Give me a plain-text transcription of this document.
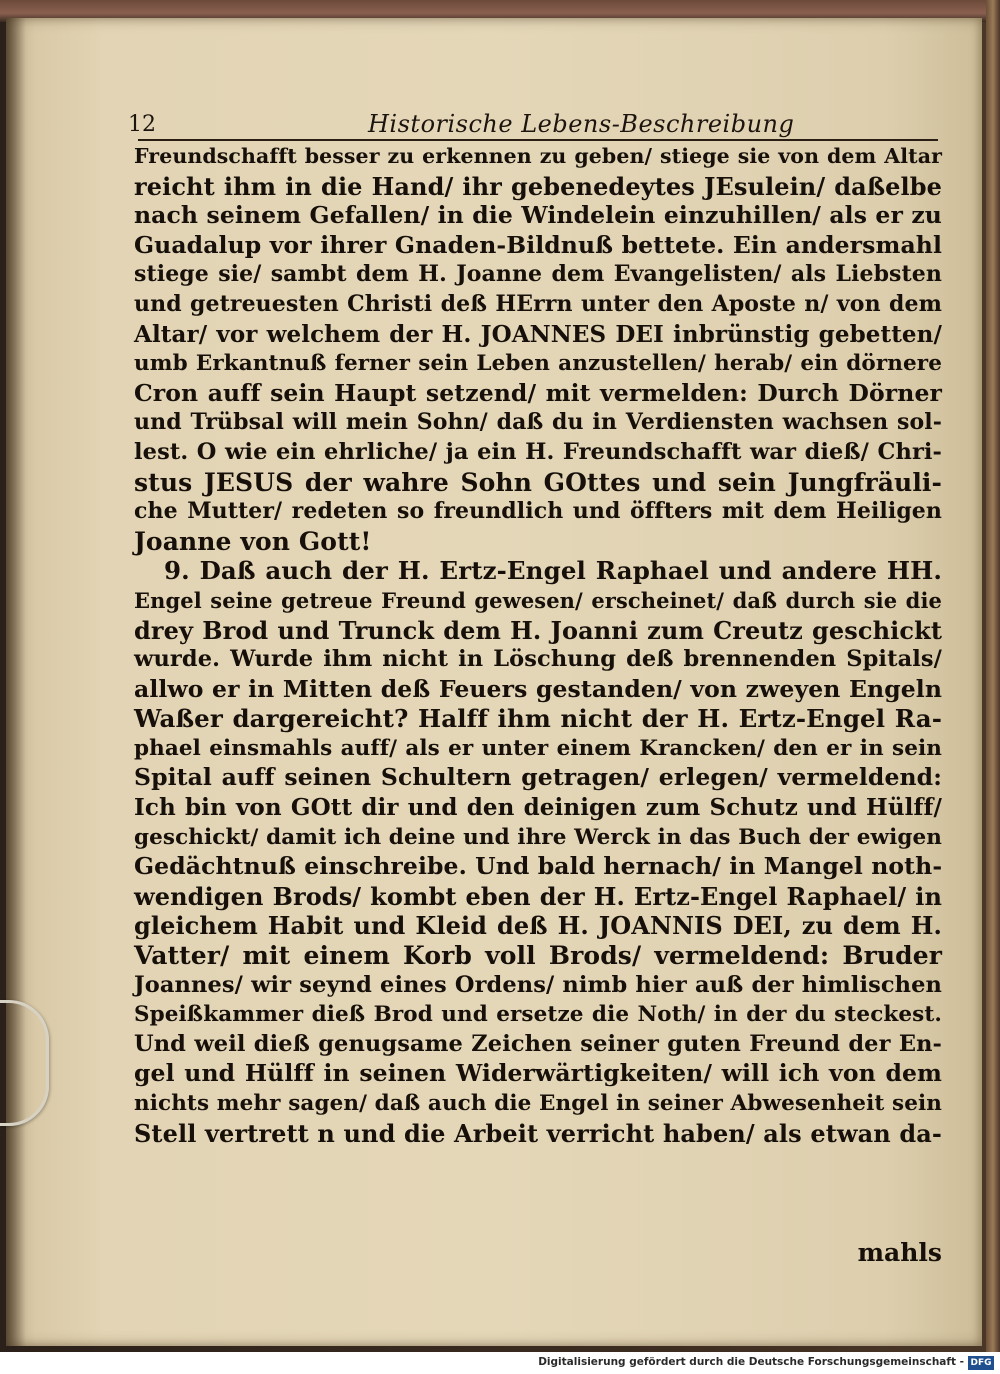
12	Historische Lebens-Beschreibung
Freundschafft besser zu erkennen zu geben/ stiege sie von dem Altar
reicht ihm in die Hand/ ihr gebenedeytes JEsulein/ daßelbe
nach seinem Gefallen/ in die Windelein einzuhillen/ als er zu
Guadalup vor ihrer Gnaden-Bildnuß bettete. Ein andersmahl
stiege sie/ sambt dem H. Joanne dem Evangelisten/ als Liebsten
und getreuesten Christi deß HErrn unter den Aposte n/ von dem
Altar/ vor welchem der H. JOANNES DEI inbrünstig gebetten/
umb Erkantnuß ferner sein Leben anzustellen/ herab/ ein dörnere
Cron auff sein Haupt setzend/ mit vermelden: Durch Dörner
und Trübsal will mein Sohn/ daß du in Verdiensten wachsen sol-
lest. O wie ein ehrliche/ ja ein H. Freundschafft war dieß/ Chri-
stus JESUS der wahre Sohn GOttes und sein Jungfräuli-
che Mutter/ redeten so freundlich und öffters mit dem Heiligen
Joanne von Gott!
9. Daß auch der H. Ertz-Engel Raphael und andere HH.
Engel seine getreue Freund gewesen/ erscheinet/ daß durch sie die
drey Brod und Trunck dem H. Joanni zum Creutz geschickt
wurde. Wurde ihm nicht in Löschung deß brennenden Spitals/
allwo er in Mitten deß Feuers gestanden/ von zweyen Engeln
Waßer dargereicht? Halff ihm nicht der H. Ertz-Engel Ra-
phael einsmahls auff/ als er unter einem Krancken/ den er in sein
Spital auff seinen Schultern getragen/ erlegen/ vermeldend:
Ich bin von GOtt dir und den deinigen zum Schutz und Hülff/
geschickt/ damit ich deine und ihre Werck in das Buch der ewigen
Gedächtnuß einschreibe. Und bald hernach/ in Mangel noth-
wendigen Brods/ kombt eben der H. Ertz-Engel Raphael/ in
gleichem Habit und Kleid deß H. JOANNIS DEI, zu dem H.
Vatter/ mit einem Korb voll Brods/ vermeldend: Bruder
Joannes/ wir seynd eines Ordens/ nimb hier auß der himlischen
Speißkammer dieß Brod und ersetze die Noth/ in der du steckest.
Und weil dieß genugsame Zeichen seiner guten Freund der En-
gel und Hülff in seinen Widerwärtigkeiten/ will ich von dem
nichts mehr sagen/ daß auch die Engel in seiner Abwesenheit sein
Stell vertrett n und die Arbeit verricht haben/ als etwan da-
mahls
Digitalisierung gefördert durch die Deutsche Forschungsgemeinschaft - DFG
